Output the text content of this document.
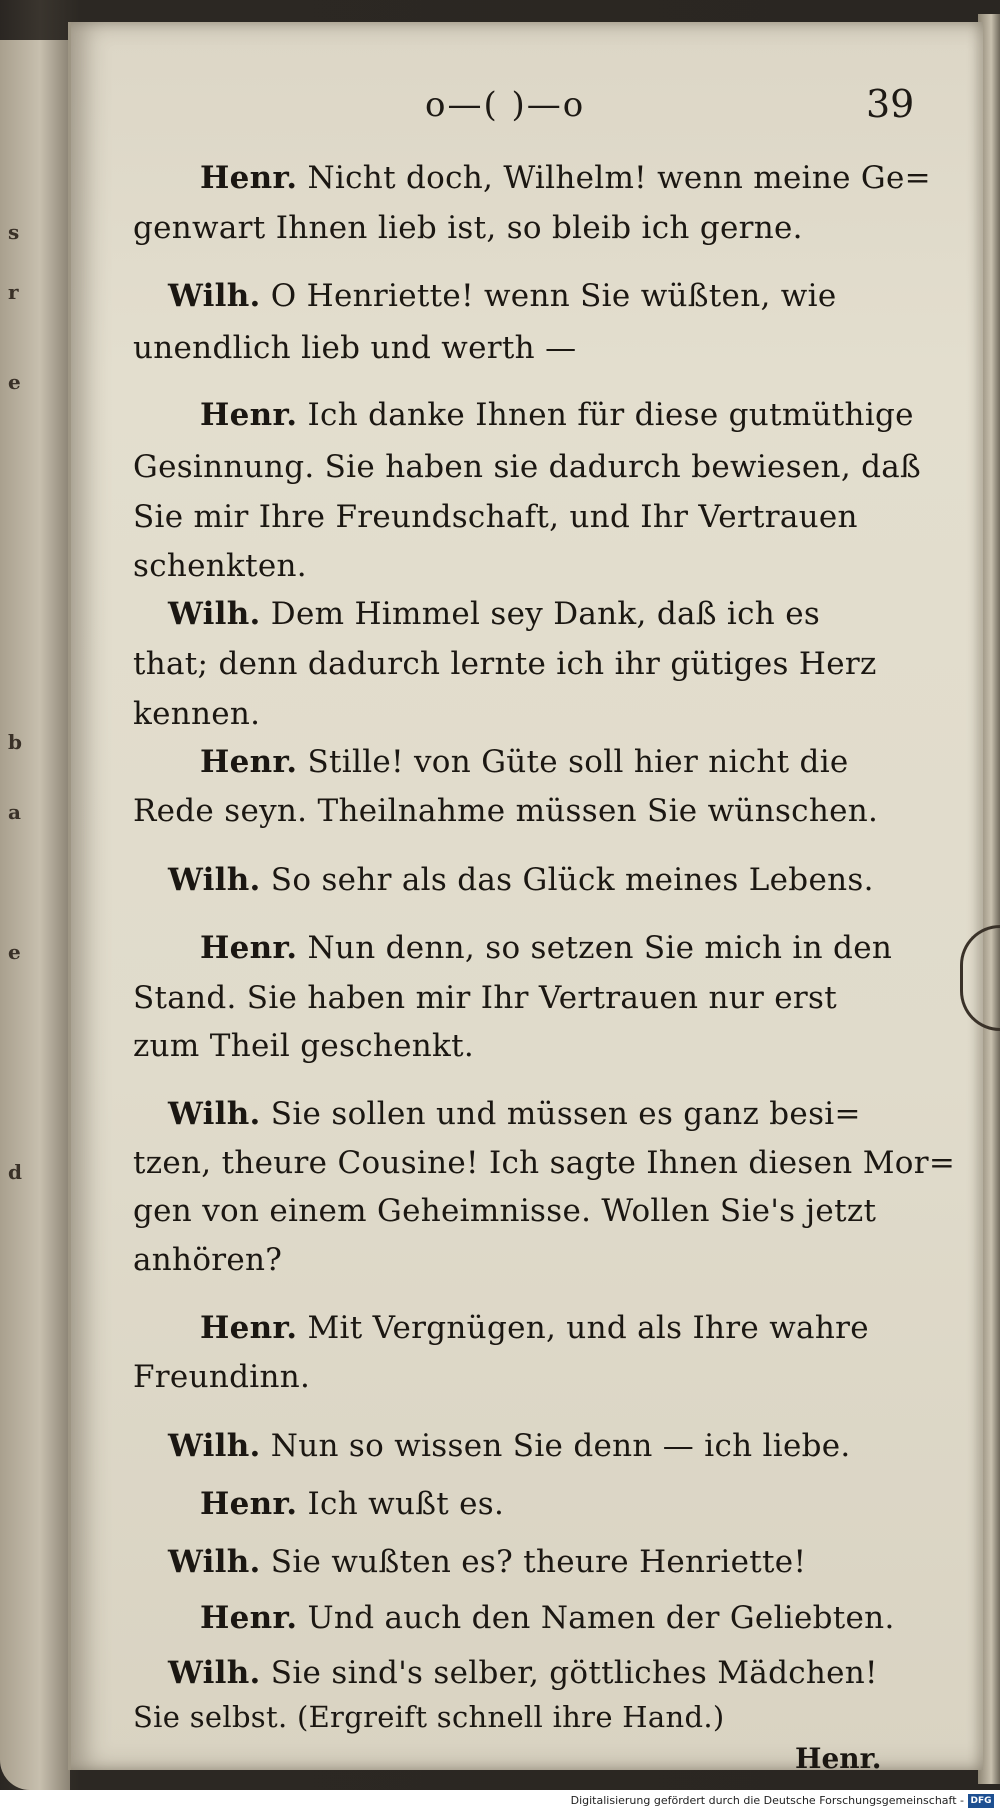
s
r
e
b
a
e
d
o—( )—o	39
Henr. Nicht doch, Wilhelm! wenn meine Ge=
genwart Ihnen lieb ist, so bleib ich gerne.
Wilh. O Henriette! wenn Sie wüßten, wie
unendlich lieb und werth —
Henr. Ich danke Ihnen für diese gutmüthige
Gesinnung. Sie haben sie dadurch bewiesen, daß
Sie mir Ihre Freundschaft, und Ihr Vertrauen
schenkten.
Wilh. Dem Himmel sey Dank, daß ich es
that; denn dadurch lernte ich ihr gütiges Herz
kennen.
Henr. Stille! von Güte soll hier nicht die
Rede seyn. Theilnahme müssen Sie wünschen.
Wilh. So sehr als das Glück meines Lebens.
Henr. Nun denn, so setzen Sie mich in den
Stand. Sie haben mir Ihr Vertrauen nur erst
zum Theil geschenkt.
Wilh. Sie sollen und müssen es ganz besi=
tzen, theure Cousine! Ich sagte Ihnen diesen Mor=
gen von einem Geheimnisse. Wollen Sie's jetzt
anhören?
Henr. Mit Vergnügen, und als Ihre wahre
Freundinn.
Wilh. Nun so wissen Sie denn — ich liebe.
Henr. Ich wußt es.
Wilh. Sie wußten es? theure Henriette!
Henr. Und auch den Namen der Geliebten.
Wilh. Sie sind's selber, göttliches Mädchen!
Sie selbst. (Ergreift schnell ihre Hand.)
Henr.
Digitalisierung gefördert durch die Deutsche Forschungsgemeinschaft - DFG
